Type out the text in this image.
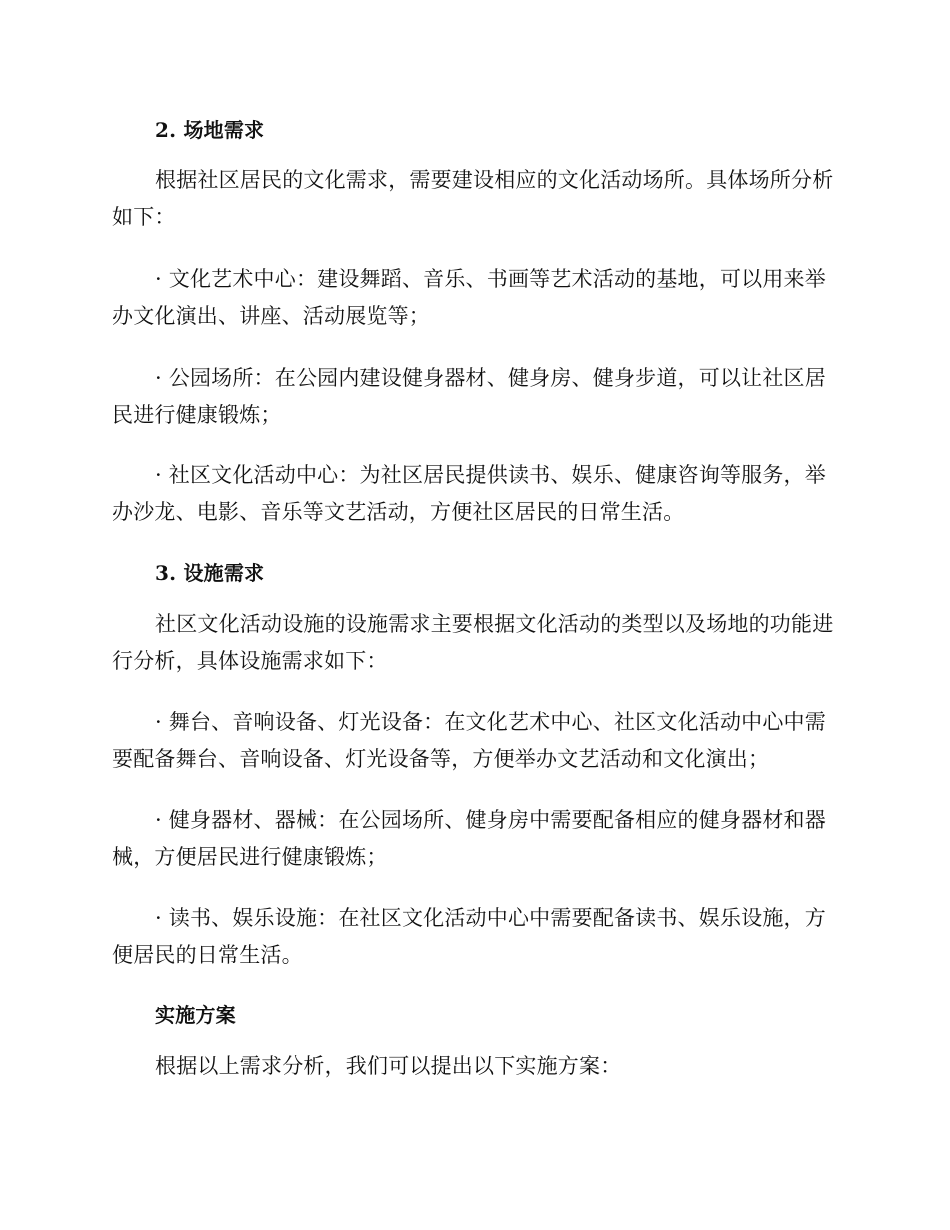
2. 场地需求
根据社区居民的文化需求，需要建设相应的文化活动场所。具体场所分析如下：
· 文化艺术中心：建设舞蹈、音乐、书画等艺术活动的基地，可以用来举办文化演出、讲座、活动展览等；
· 公园场所：在公园内建设健身器材、健身房、健身步道，可以让社区居民进行健康锻炼；
· 社区文化活动中心：为社区居民提供读书、娱乐、健康咨询等服务，举办沙龙、电影、音乐等文艺活动，方便社区居民的日常生活。
3. 设施需求
社区文化活动设施的设施需求主要根据文化活动的类型以及场地的功能进行分析，具体设施需求如下：
· 舞台、音响设备、灯光设备：在文化艺术中心、社区文化活动中心中需要配备舞台、音响设备、灯光设备等，方便举办文艺活动和文化演出；
· 健身器材、器械：在公园场所、健身房中需要配备相应的健身器材和器械，方便居民进行健康锻炼；
· 读书、娱乐设施：在社区文化活动中心中需要配备读书、娱乐设施，方便居民的日常生活。
实施方案
根据以上需求分析，我们可以提出以下实施方案：
